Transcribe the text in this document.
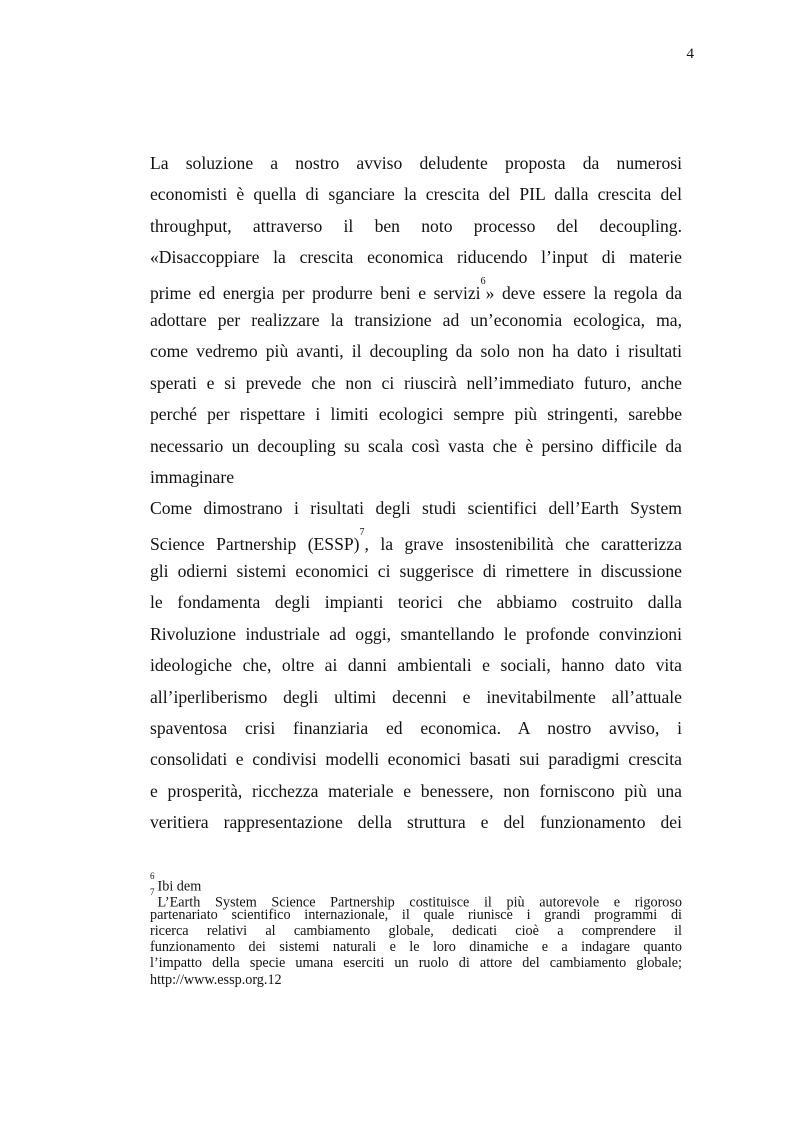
4
La soluzione a nostro avviso deludente proposta da numerosi
economisti è quella di sganciare la crescita del PIL dalla crescita del
throughput, attraverso il ben noto processo del decoupling.
«Disaccoppiare la crescita economica riducendo l’input di materie
prime ed energia per produrre beni e servizi$^6$» deve essere la regola da
adottare per realizzare la transizione ad un’economia ecologica, ma,
come vedremo più avanti, il decoupling da solo non ha dato i risultati
sperati e si prevede che non ci riuscirà nell’immediato futuro, anche
perché per rispettare i limiti ecologici sempre più stringenti, sarebbe
necessario un decoupling su scala così vasta che è persino difficile da
immaginare
Come dimostrano i risultati degli studi scientifici dell’Earth System
Science Partnership (ESSP)$^7$, la grave insostenibilità che caratterizza
gli odierni sistemi economici ci suggerisce di rimettere in discussione
le fondamenta degli impianti teorici che abbiamo costruito dalla
Rivoluzione industriale ad oggi, smantellando le profonde convinzioni
ideologiche che, oltre ai danni ambientali e sociali, hanno dato vita
all’iperliberismo degli ultimi decenni e inevitabilmente all’attuale
spaventosa crisi finanziaria ed economica. A nostro avviso, i
consolidati e condivisi modelli economici basati sui paradigmi crescita
e prosperità, ricchezza materiale e benessere, non forniscono più una
veritiera rappresentazione della struttura e del funzionamento dei
$^6$Ibi dem
$^7$L’Earth System Science Partnership costituisce il più autorevole e rigoroso
partenariato scientifico internazionale, il quale riunisce i grandi programmi di
ricerca relativi al cambiamento globale, dedicati cioè a comprendere il
funzionamento dei sistemi naturali e le loro dinamiche e a indagare quanto
l’impatto della specie umana eserciti un ruolo di attore del cambiamento globale;
http://www.essp.org.12
